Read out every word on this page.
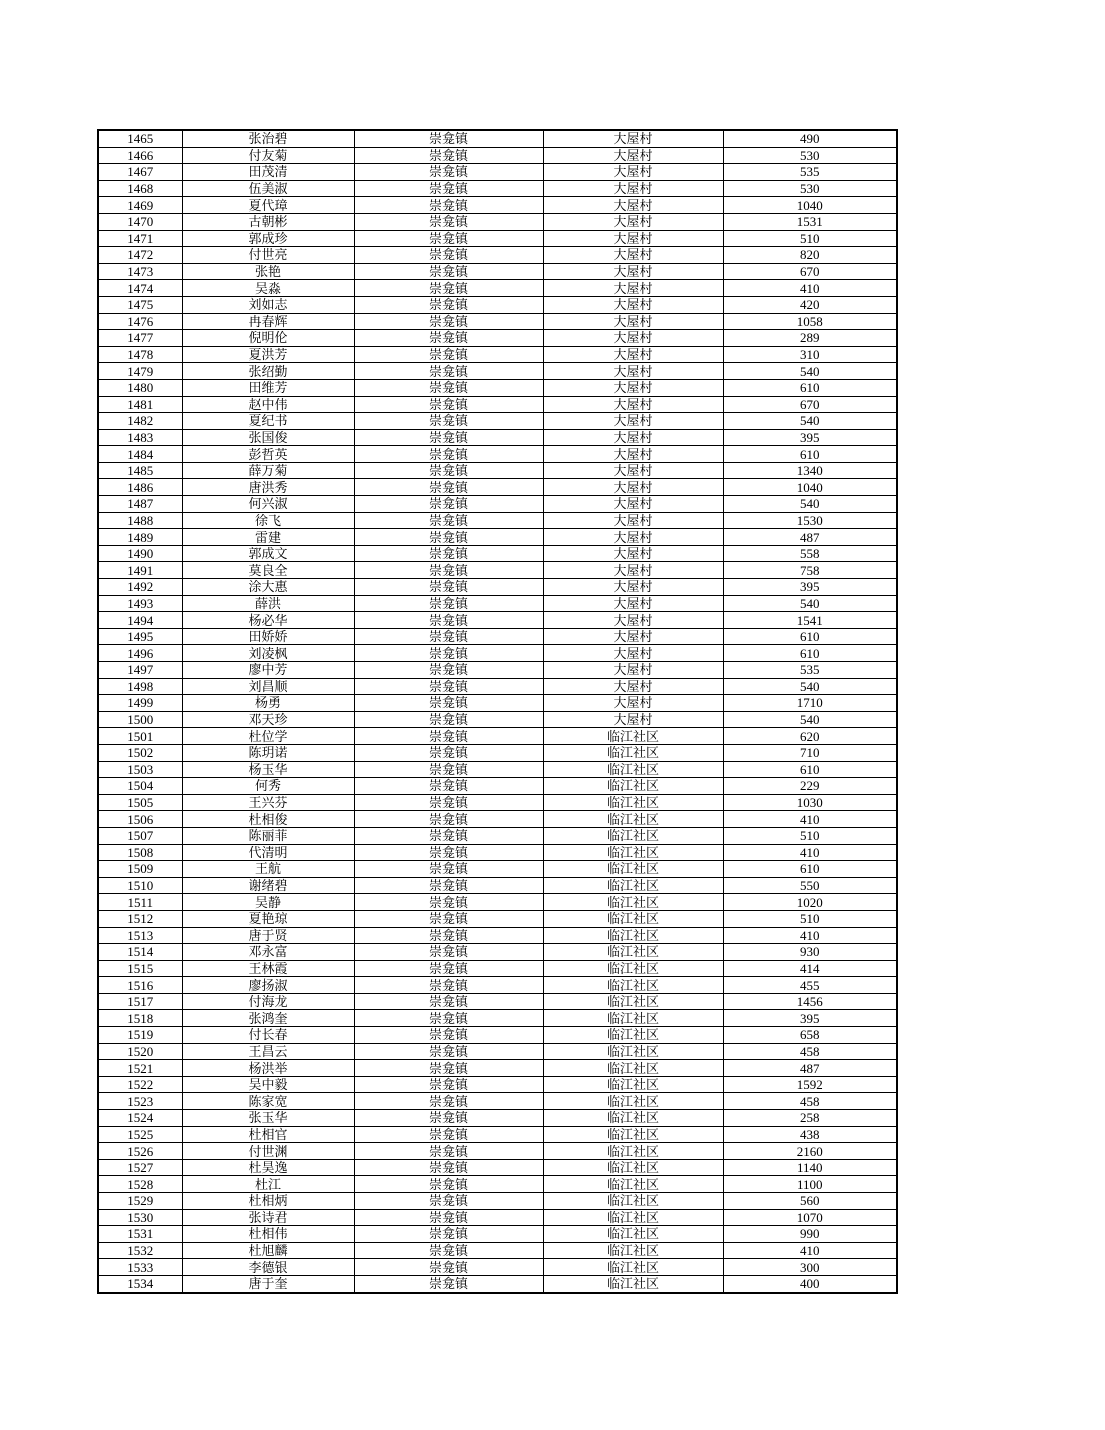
1465	张治碧	崇龛镇	大屋村	490
1466	付友菊	崇龛镇	大屋村	530
1467	田茂清	崇龛镇	大屋村	535
1468	伍美淑	崇龛镇	大屋村	530
1469	夏代璋	崇龛镇	大屋村	1040
1470	古朝彬	崇龛镇	大屋村	1531
1471	郭成珍	崇龛镇	大屋村	510
1472	付世亮	崇龛镇	大屋村	820
1473	张艳	崇龛镇	大屋村	670
1474	吴淼	崇龛镇	大屋村	410
1475	刘如志	崇龛镇	大屋村	420
1476	冉春辉	崇龛镇	大屋村	1058
1477	倪明伦	崇龛镇	大屋村	289
1478	夏洪芳	崇龛镇	大屋村	310
1479	张绍勤	崇龛镇	大屋村	540
1480	田维芳	崇龛镇	大屋村	610
1481	赵中伟	崇龛镇	大屋村	670
1482	夏纪书	崇龛镇	大屋村	540
1483	张国俊	崇龛镇	大屋村	395
1484	彭哲英	崇龛镇	大屋村	610
1485	薛万菊	崇龛镇	大屋村	1340
1486	唐洪秀	崇龛镇	大屋村	1040
1487	何兴淑	崇龛镇	大屋村	540
1488	徐飞	崇龛镇	大屋村	1530
1489	雷建	崇龛镇	大屋村	487
1490	郭成文	崇龛镇	大屋村	558
1491	莫良全	崇龛镇	大屋村	758
1492	涂大惠	崇龛镇	大屋村	395
1493	薛洪	崇龛镇	大屋村	540
1494	杨必华	崇龛镇	大屋村	1541
1495	田娇娇	崇龛镇	大屋村	610
1496	刘凌枫	崇龛镇	大屋村	610
1497	廖中芳	崇龛镇	大屋村	535
1498	刘昌顺	崇龛镇	大屋村	540
1499	杨勇	崇龛镇	大屋村	1710
1500	邓天珍	崇龛镇	大屋村	540
1501	杜位学	崇龛镇	临江社区	620
1502	陈玥诺	崇龛镇	临江社区	710
1503	杨玉华	崇龛镇	临江社区	610
1504	何秀	崇龛镇	临江社区	229
1505	王兴芬	崇龛镇	临江社区	1030
1506	杜相俊	崇龛镇	临江社区	410
1507	陈丽菲	崇龛镇	临江社区	510
1508	代清明	崇龛镇	临江社区	410
1509	王航	崇龛镇	临江社区	610
1510	谢绪碧	崇龛镇	临江社区	550
1511	吴静	崇龛镇	临江社区	1020
1512	夏艳琼	崇龛镇	临江社区	510
1513	唐于贤	崇龛镇	临江社区	410
1514	邓永富	崇龛镇	临江社区	930
1515	王林霞	崇龛镇	临江社区	414
1516	廖扬淑	崇龛镇	临江社区	455
1517	付海龙	崇龛镇	临江社区	1456
1518	张鸿奎	崇龛镇	临江社区	395
1519	付长春	崇龛镇	临江社区	658
1520	王昌云	崇龛镇	临江社区	458
1521	杨洪举	崇龛镇	临江社区	487
1522	吴中毅	崇龛镇	临江社区	1592
1523	陈家宽	崇龛镇	临江社区	458
1524	张玉华	崇龛镇	临江社区	258
1525	杜相官	崇龛镇	临江社区	438
1526	付世渊	崇龛镇	临江社区	2160
1527	杜昊逸	崇龛镇	临江社区	1140
1528	杜江	崇龛镇	临江社区	1100
1529	杜相炳	崇龛镇	临江社区	560
1530	张诗君	崇龛镇	临江社区	1070
1531	杜相伟	崇龛镇	临江社区	990
1532	杜旭麟	崇龛镇	临江社区	410
1533	李德银	崇龛镇	临江社区	300
1534	唐于奎	崇龛镇	临江社区	400
